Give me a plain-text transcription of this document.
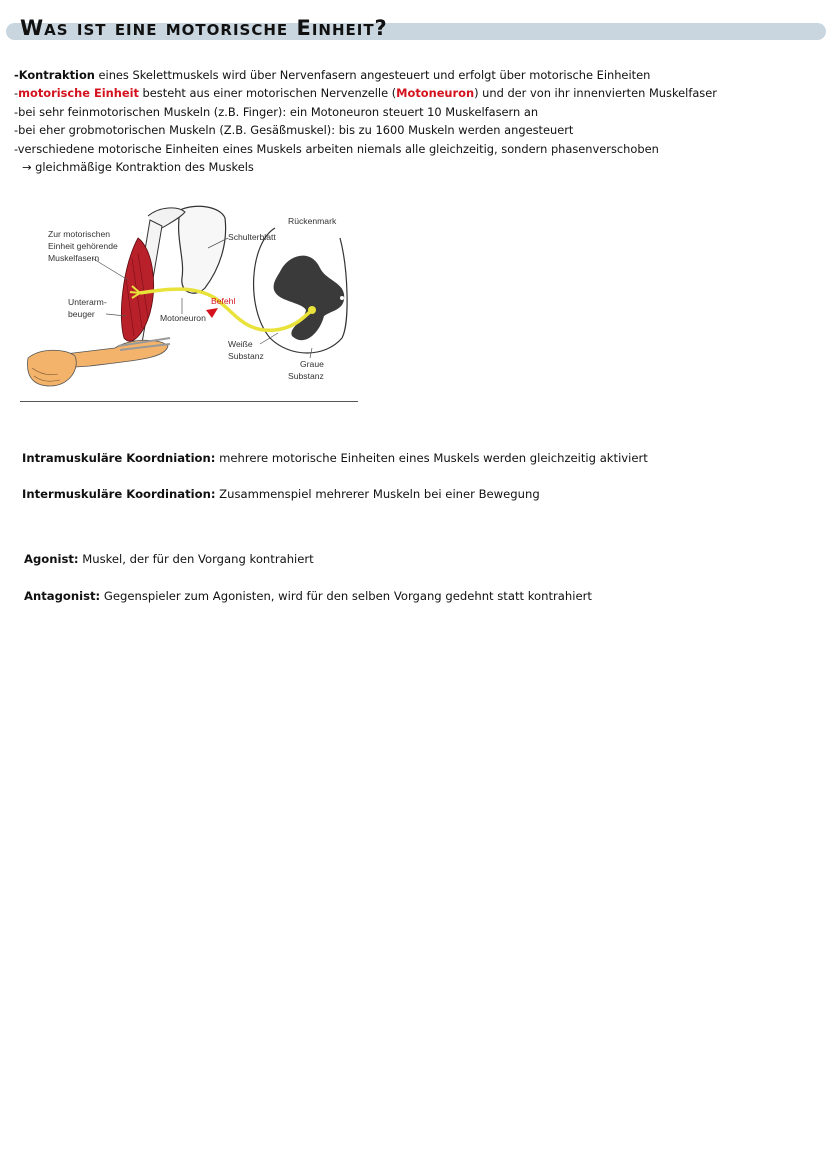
Was ist eine motorische Einheit?
-Kontraktion eines Skelettmuskels wird über Nervenfasern angesteuert und erfolgt über motorische Einheiten
-motorische Einheit besteht aus einer motorischen Nervenzelle (Motoneuron) und der von ihr innenvierten Muskelfaser
-bei sehr feinmotorischen Muskeln (z.B. Finger): ein Motoneuron steuert 10 Muskelfasern an
-bei eher grobmotorischen Muskeln (Z.B. Gesäßmuskel): bis zu 1600 Muskeln werden angesteuert
-verschiedene motorische Einheiten eines Muskels arbeiten niemals alle gleichzeitig, sondern phasenverschoben
→ gleichmäßige Kontraktion des Muskels
Rückenmark
Schulterblatt
Zur motorischen
Einheit gehörende
Muskelfasern
Unterarm-
beuger
Befehl
Motoneuron
Weiße
Substanz
Graue
Substanz
Intramuskuläre Koordniation: mehrere motorische Einheiten eines Muskels werden gleichzeitig aktiviert
Intermuskuläre Koordination: Zusammenspiel mehrerer Muskeln bei einer Bewegung
Agonist: Muskel, der für den Vorgang kontrahiert
Antagonist: Gegenspieler zum Agonisten, wird für den selben Vorgang gedehnt statt kontrahiert
